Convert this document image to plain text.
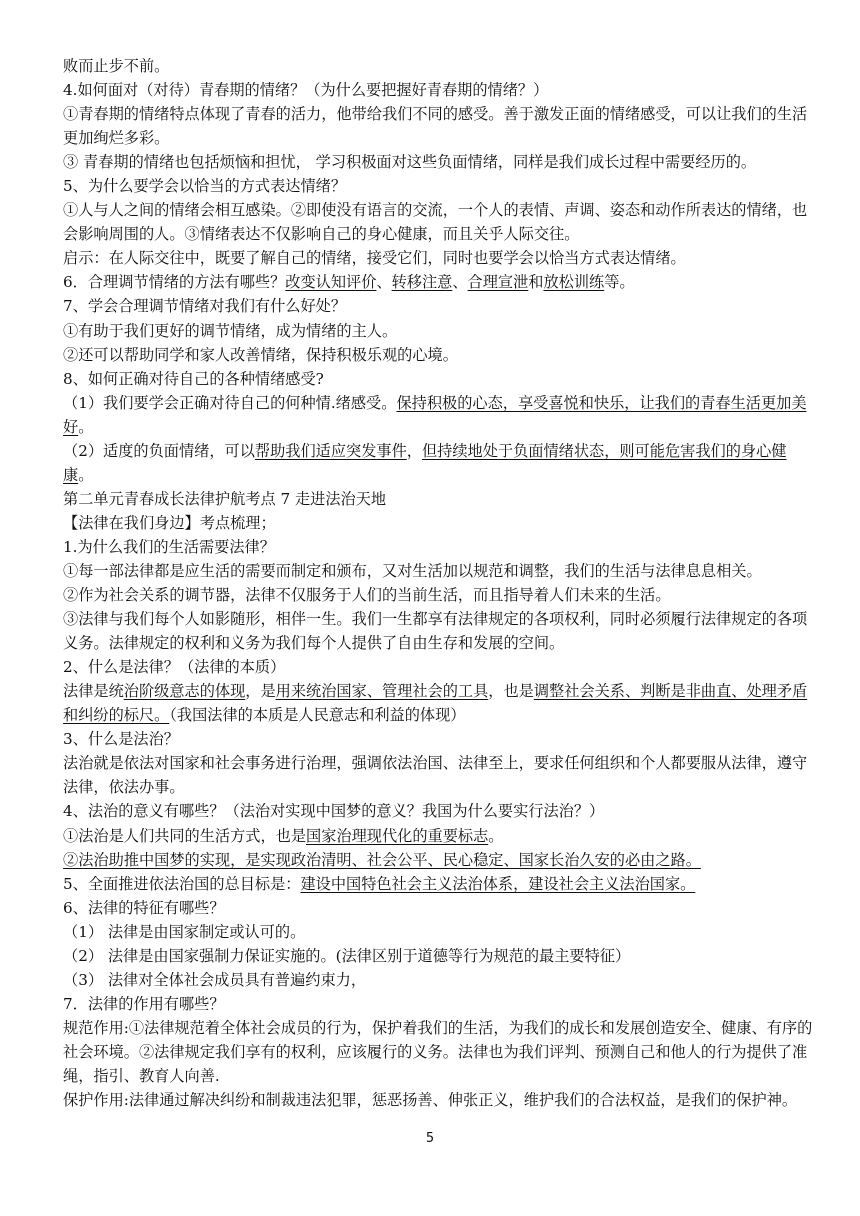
败而止步不前。

4.如何面对（对待）青春期的情绪？（为什么要把握好青春期的情绪？）

①青春期的情绪特点体现了青春的活力，他带给我们不同的感受。善于激发正面的情绪感受，可以让我们的生活更加绚烂多彩。

③ 青春期的情绪也包括烦恼和担忧， 学习积极面对这些负面情绪，同样是我们成长过程中需要经历的。

5、为什么要学会以恰当的方式表达情绪？

①人与人之间的情绪会相互感染。②即使没有语言的交流，一个人的表情、声调、姿态和动作所表达的情绪，也会影响周围的人。③情绪表达不仅影响自己的身心健康，而且关乎人际交往。

启示：在人际交往中，既要了解自己的情绪，接受它们，同时也要学会以恰当方式表达情绪。

6．合理调节情绪的方法有哪些？改变认知评价、转移注意、合理宣泄和放松训练等。

7、学会合理调节情绪对我们有什么好处？

①有助于我们更好的调节情绪，成为情绪的主人。

②还可以帮助同学和家人改善情绪，保持积极乐观的心境。

8、如何正确对待自己的各种情绪感受?

（1）我们要学会正确对待自己的何种情.绪感受。保持积极的心态，享受喜悦和快乐，让我们的青春生活更加美好。

（2）适度的负面情绪，可以帮助我们适应突发事件，但持续地处于负面情绪状态，则可能危害我们的身心健康。

第二单元青春成长法律护航考点 7 走进法治天地

【法律在我们身边】考点梳理；

1.为什么我们的生活需要法律？

①每一部法律都是应生活的需要而制定和颁布，又对生活加以规范和调整，我们的生活与法律息息相关。

②作为社会关系的调节器，法律不仅服务于人们的当前生活，而且指导着人们未来的生活。

③法律与我们每个人如影随形，相伴一生。我们一生都享有法律规定的各项权利，同时必须履行法律规定的各项义务。法律规定的权利和义务为我们每个人提供了自由生存和发展的空间。

2、什么是法律？（法律的本质）

法律是统治阶级意志的体现，是用来统治国家、管理社会的工具，也是调整社会关系、判断是非曲直、处理矛盾和纠纷的标尺。（我国法律的本质是人民意志和利益的体现）

3、什么是法治？

法治就是依法对国家和社会事务进行治理，强调依法治国、法律至上，要求任何组织和个人都要服从法律，遵守法律，依法办事。

4、法治的意义有哪些？（法治对实现中国梦的意义？我国为什么要实行法治？）

①法治是人们共同的生活方式，也是国家治理现代化的重要标志。

②法治助推中国梦的实现，是实现政治清明、社会公平、民心稳定、国家长治久安的必由之路。

5、全面推进依法治国的总目标是：建设中国特色社会主义法治体系，建设社会主义法治国家。

6、法律的特征有哪些？

（1） 法律是由国家制定或认可的。

（2） 法律是由国家强制力保证实施的。(法律区别于道德等行为规范的最主要特征）

（3） 法律对全体社会成员具有普遍约束力，

7．法律的作用有哪些？

规范作用:①法律规范着全体社会成员的行为，保护着我们的生活，为我们的成长和发展创造安全、健康、有序的社会环境。②法律规定我们享有的权利，应该履行的义务。法律也为我们评判、预测自己和他人的行为提供了准绳，指引、教育人向善.

保护作用:法律通过解决纠纷和制裁违法犯罪，惩恶扬善、伸张正义，维护我们的合法权益，是我们的保护神。

5
